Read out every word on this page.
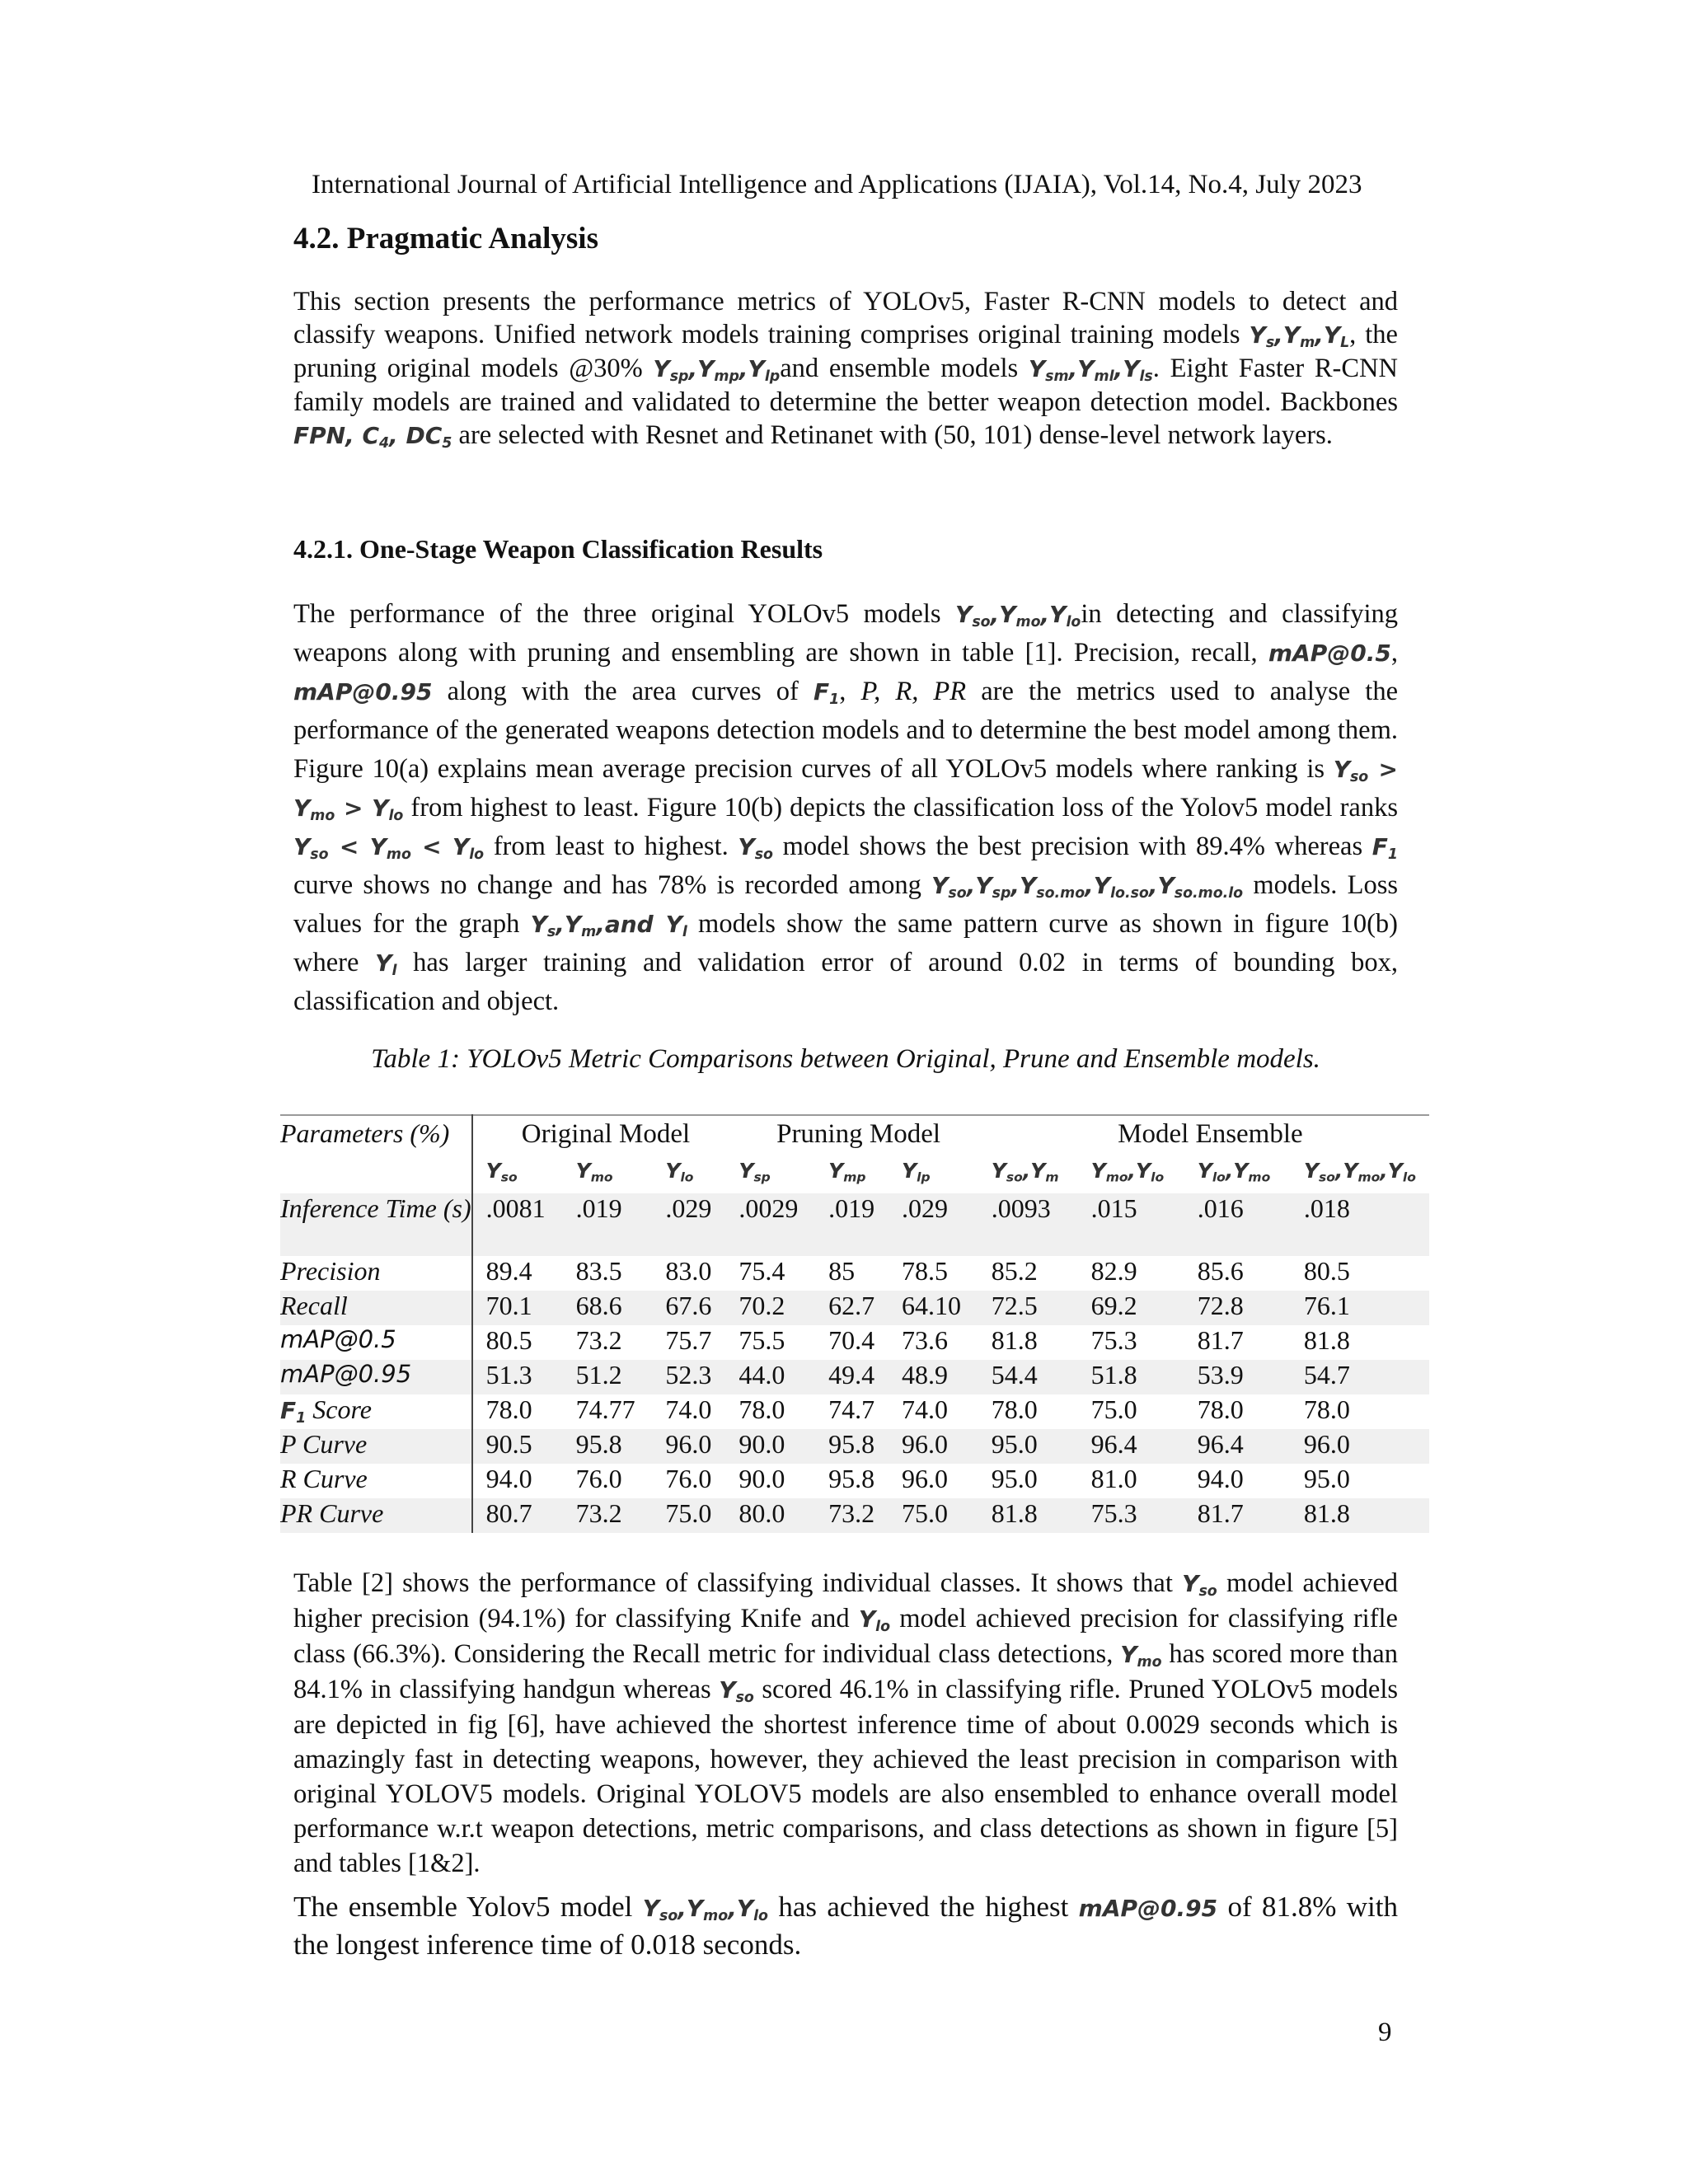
International Journal of Artificial Intelligence and Applications (IJAIA), Vol.14, No.4, July 2023
4.2. Pragmatic Analysis
This section presents the performance metrics of YOLOv5, Faster R-CNN models to detect and classify weapons. Unified network models training comprises original training models $Y_s,Y_m,Y_L$, the pruning original models @30% $Y_{sp},Y_{mp},Y_{lp}and$ ensemble models $Y_{sm},Y_{ml},Y_{ls}$. Eight Faster R-CNN family models are trained and validated to determine the better weapon detection model. Backbones FPN, $C_4$, $DC_5$ are selected with Resnet and Retinanet with (50, 101) dense-level network layers.
4.2.1. One-Stage Weapon Classification Results
The performance of the three original YOLOv5 models $Y_{so},Y_{mo},Y_{lo}in$ detecting and classifying weapons along with pruning and ensembling are shown in table [1]. Precision, recall, mAP@0.5, mAP@0.95 along with the area curves of $F_1$, P, R, PR are the metrics used to analyse the performance of the generated weapons detection models and to determine the best model among them. Figure 10(a) explains mean average precision curves of all YOLOv5 models where ranking is $Y_{so} > Y_{mo} > Y_{lo}$ from highest to least. Figure 10(b) depicts the classification loss of the Yolov5 model ranks $Y_{so} < Y_{mo} < Y_{lo}$ from least to highest. $Y_{so}$ model shows the best precision with 89.4% whereas $F_1$ curve shows no change and has 78% is recorded among $Y_{so},Y_{sp},Y_{so.mo},Y_{lo.so},Y_{so.mo.lo}$ models. Loss values for the graph $Y_s,Y_m,and$ $Y_l$ models show the same pattern curve as shown in figure 10(b) where $Y_l$ has larger training and validation error of around 0.02 in terms of bounding box, classification and object.
Table 1: YOLOv5 Metric Comparisons between Original, Prune and Ensemble models.
Parameters (%)	Original Model			Pruning Model			Model Ensemble			
	$Y_{so}$	$Y_{mo}$	$Y_{lo}$	$Y_{sp}$	$Y_{mp}$	$Y_{lp}$	$Y_{so},Y_m$	$Y_{mo},Y_{lo}$	$Y_{lo},Y_{mo}$	$Y_{so},Y_{mo},Y_{lo}$
Inference Time (s)	.0081	.019	.029	.0029	.019	.029	.0093	.015	.016	.018
Precision	89.4	83.5	83.0	75.4	85	78.5	85.2	82.9	85.6	80.5
Recall	70.1	68.6	67.6	70.2	62.7	64.10	72.5	69.2	72.8	76.1
mAP@0.5	80.5	73.2	75.7	75.5	70.4	73.6	81.8	75.3	81.7	81.8
mAP@0.95	51.3	51.2	52.3	44.0	49.4	48.9	54.4	51.8	53.9	54.7
$F_1$ Score	78.0	74.77	74.0	78.0	74.7	74.0	78.0	75.0	78.0	78.0
P Curve	90.5	95.8	96.0	90.0	95.8	96.0	95.0	96.4	96.4	96.0
R Curve	94.0	76.0	76.0	90.0	95.8	96.0	95.0	81.0	94.0	95.0
PR Curve	80.7	73.2	75.0	80.0	73.2	75.0	81.8	75.3	81.7	81.8
Table [2] shows the performance of classifying individual classes. It shows that $Y_{so}$ model achieved higher precision (94.1%) for classifying Knife and $Y_{lo}$ model achieved precision for classifying rifle class (66.3%). Considering the Recall metric for individual class detections, $Y_{mo}$ has scored more than 84.1% in classifying handgun whereas $Y_{so}$ scored 46.1% in classifying rifle. Pruned YOLOv5 models are depicted in fig [6], have achieved the shortest inference time of about 0.0029 seconds which is amazingly fast in detecting weapons, however, they achieved the least precision in comparison with original YOLOV5 models. Original YOLOV5 models are also ensembled to enhance overall model performance w.r.t weapon detections, metric comparisons, and class detections as shown in figure [5] and tables [1&2].
The ensemble Yolov5 model $Y_{so},Y_{mo},Y_{lo}$ has achieved the highest mAP@0.95 of 81.8% with the longest inference time of 0.018 seconds.
9
